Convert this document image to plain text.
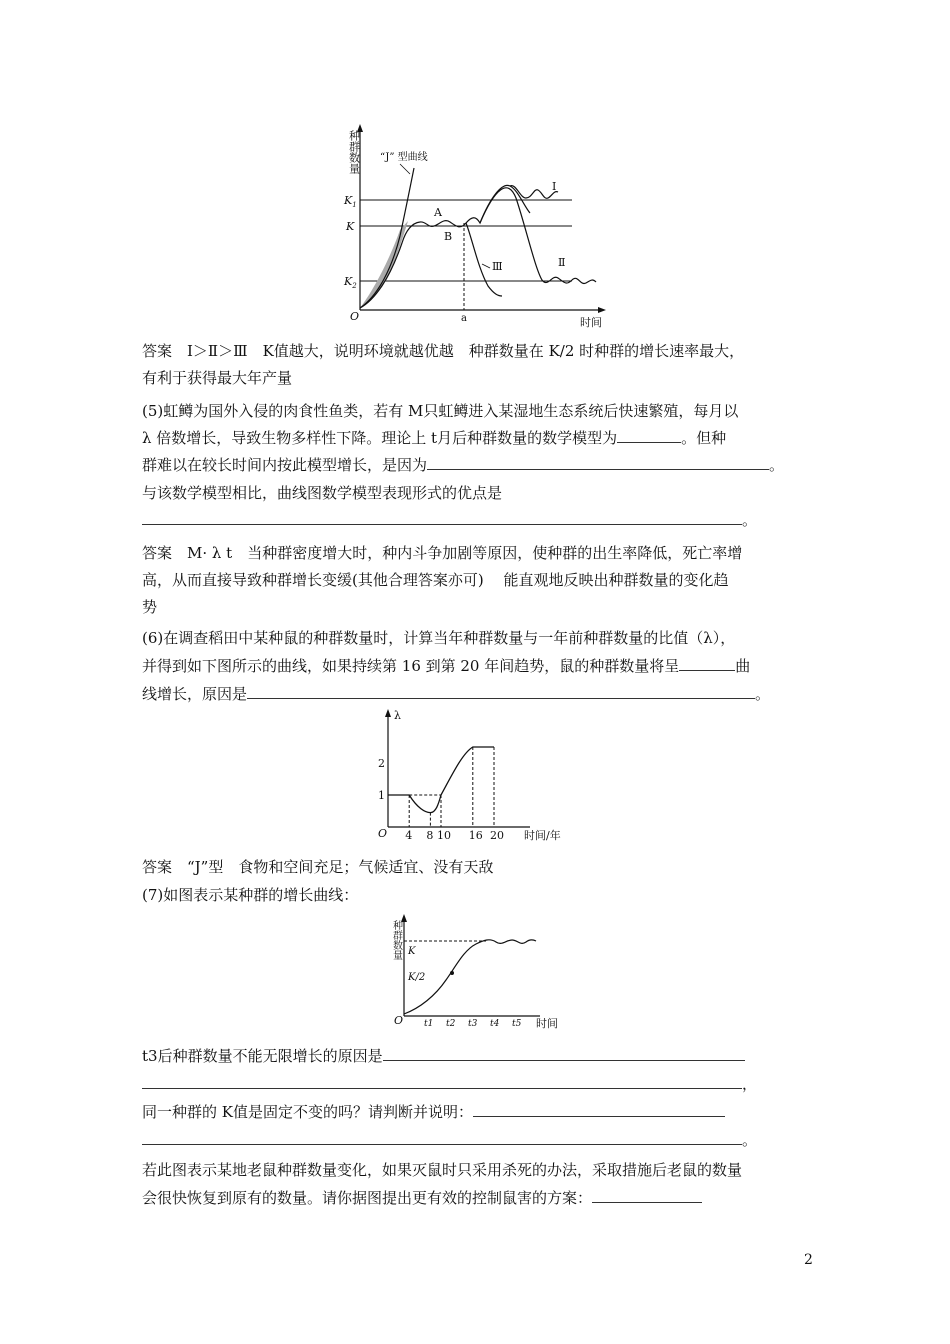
种群数量
$K_1$
K
$K_2$
O	时间
“J” 型曲线
Ⅰ
Ⅱ
Ⅲ
A
B
a
答案　Ⅰ＞Ⅱ＞Ⅲ　K值越大，说明环境就越优越　种群数量在 K/2 时种群的增长速率最大，
有利于获得最大年产量
(5)虹鳟为国外入侵的肉食性鱼类，若有 M只虹鳟进入某湿地生态系统后快速繁殖，每月以
λ 倍数增长，导致生物多样性下降。理论上 t月后种群数量的数学模型为	。但种
群难以在较长时间内按此模型增长，是因为	。
与该数学模型相比，曲线图数学模型表现形式的优点是
。
答案　M· λ t　当种群密度增大时，种内斗争加剧等原因，使种群的出生率降低，死亡率增
高，从而直接导致种群增长变缓(其他合理答案亦可)　 能直观地反映出种群数量的变化趋
势
(6)在调查稻田中某种鼠的种群数量时，计算当年种群数量与一年前种群数量的比值（λ），
并得到如下图所示的曲线，如果持续第 16 到第 20 年间趋势，鼠的种群数量将呈	曲
线增长，原因是	。
λ
O	时间/年
1
2
4 8 10 16 20
答案　“J”型　食物和空间充足；气候适宜、没有天敌
(7)如图表示某种群的增长曲线：
种群数量
O	时间
K
K/2
t1 t2 t3 t4 t5
t3后种群数量不能无限增长的原因是
，
同一种群的 K值是固定不变的吗？请判断并说明：
。
若此图表示某地老鼠种群数量变化，如果灭鼠时只采用杀死的办法，采取措施后老鼠的数量
会很快恢复到原有的数量。请你据图提出更有效的控制鼠害的方案：
2
